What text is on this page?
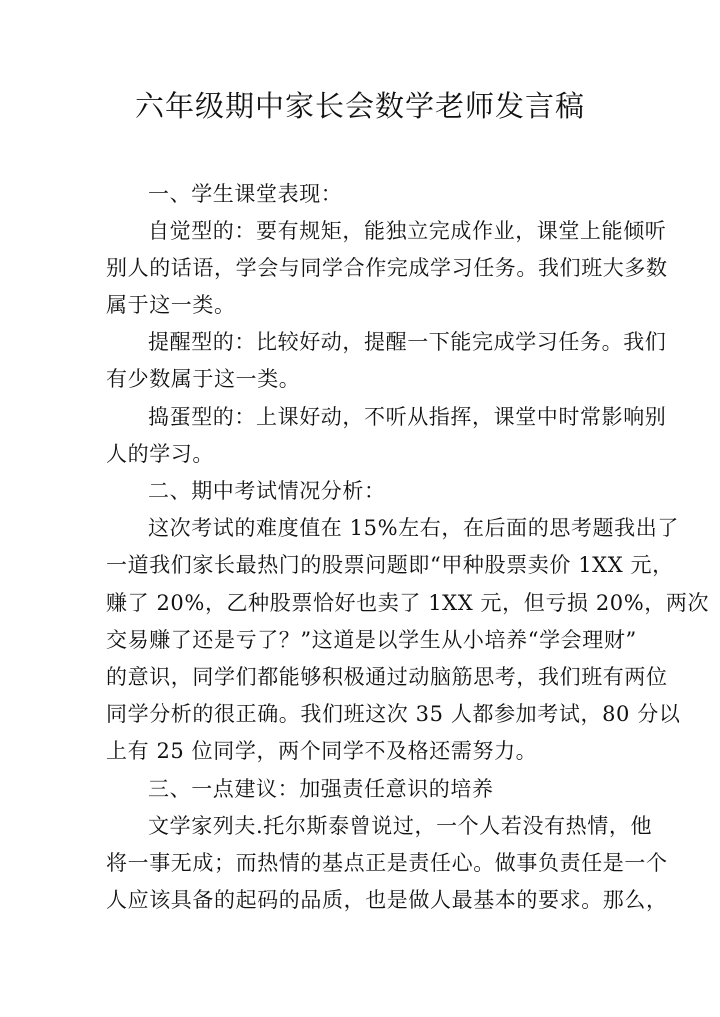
六年级期中家长会数学老师发言稿
一、学生课堂表现：
自觉型的：要有规矩，能独立完成作业，课堂上能倾听
别人的话语，学会与同学合作完成学习任务。我们班大多数
属于这一类。
提醒型的：比较好动，提醒一下能完成学习任务。我们
有少数属于这一类。
捣蛋型的：上课好动，不听从指挥，课堂中时常影响别
人的学习。
二、期中考试情况分析：
这次考试的难度值在 15%左右，在后面的思考题我出了
一道我们家长最热门的股票问题即“甲种股票卖价 1XX 元，
赚了 20%，乙种股票恰好也卖了 1XX 元，但亏损 20%，两次
交易赚了还是亏了？”这道是以学生从小培养“学会理财”
的意识，同学们都能够积极通过动脑筋思考，我们班有两位
同学分析的很正确。我们班这次 35 人都参加考试，80 分以
上有 25 位同学，两个同学不及格还需努力。
三、一点建议：加强责任意识的培养
文学家列夫.托尔斯泰曾说过，一个人若没有热情，他
将一事无成；而热情的基点正是责任心。做事负责任是一个
人应该具备的起码的品质，也是做人最基本的要求。那么，
